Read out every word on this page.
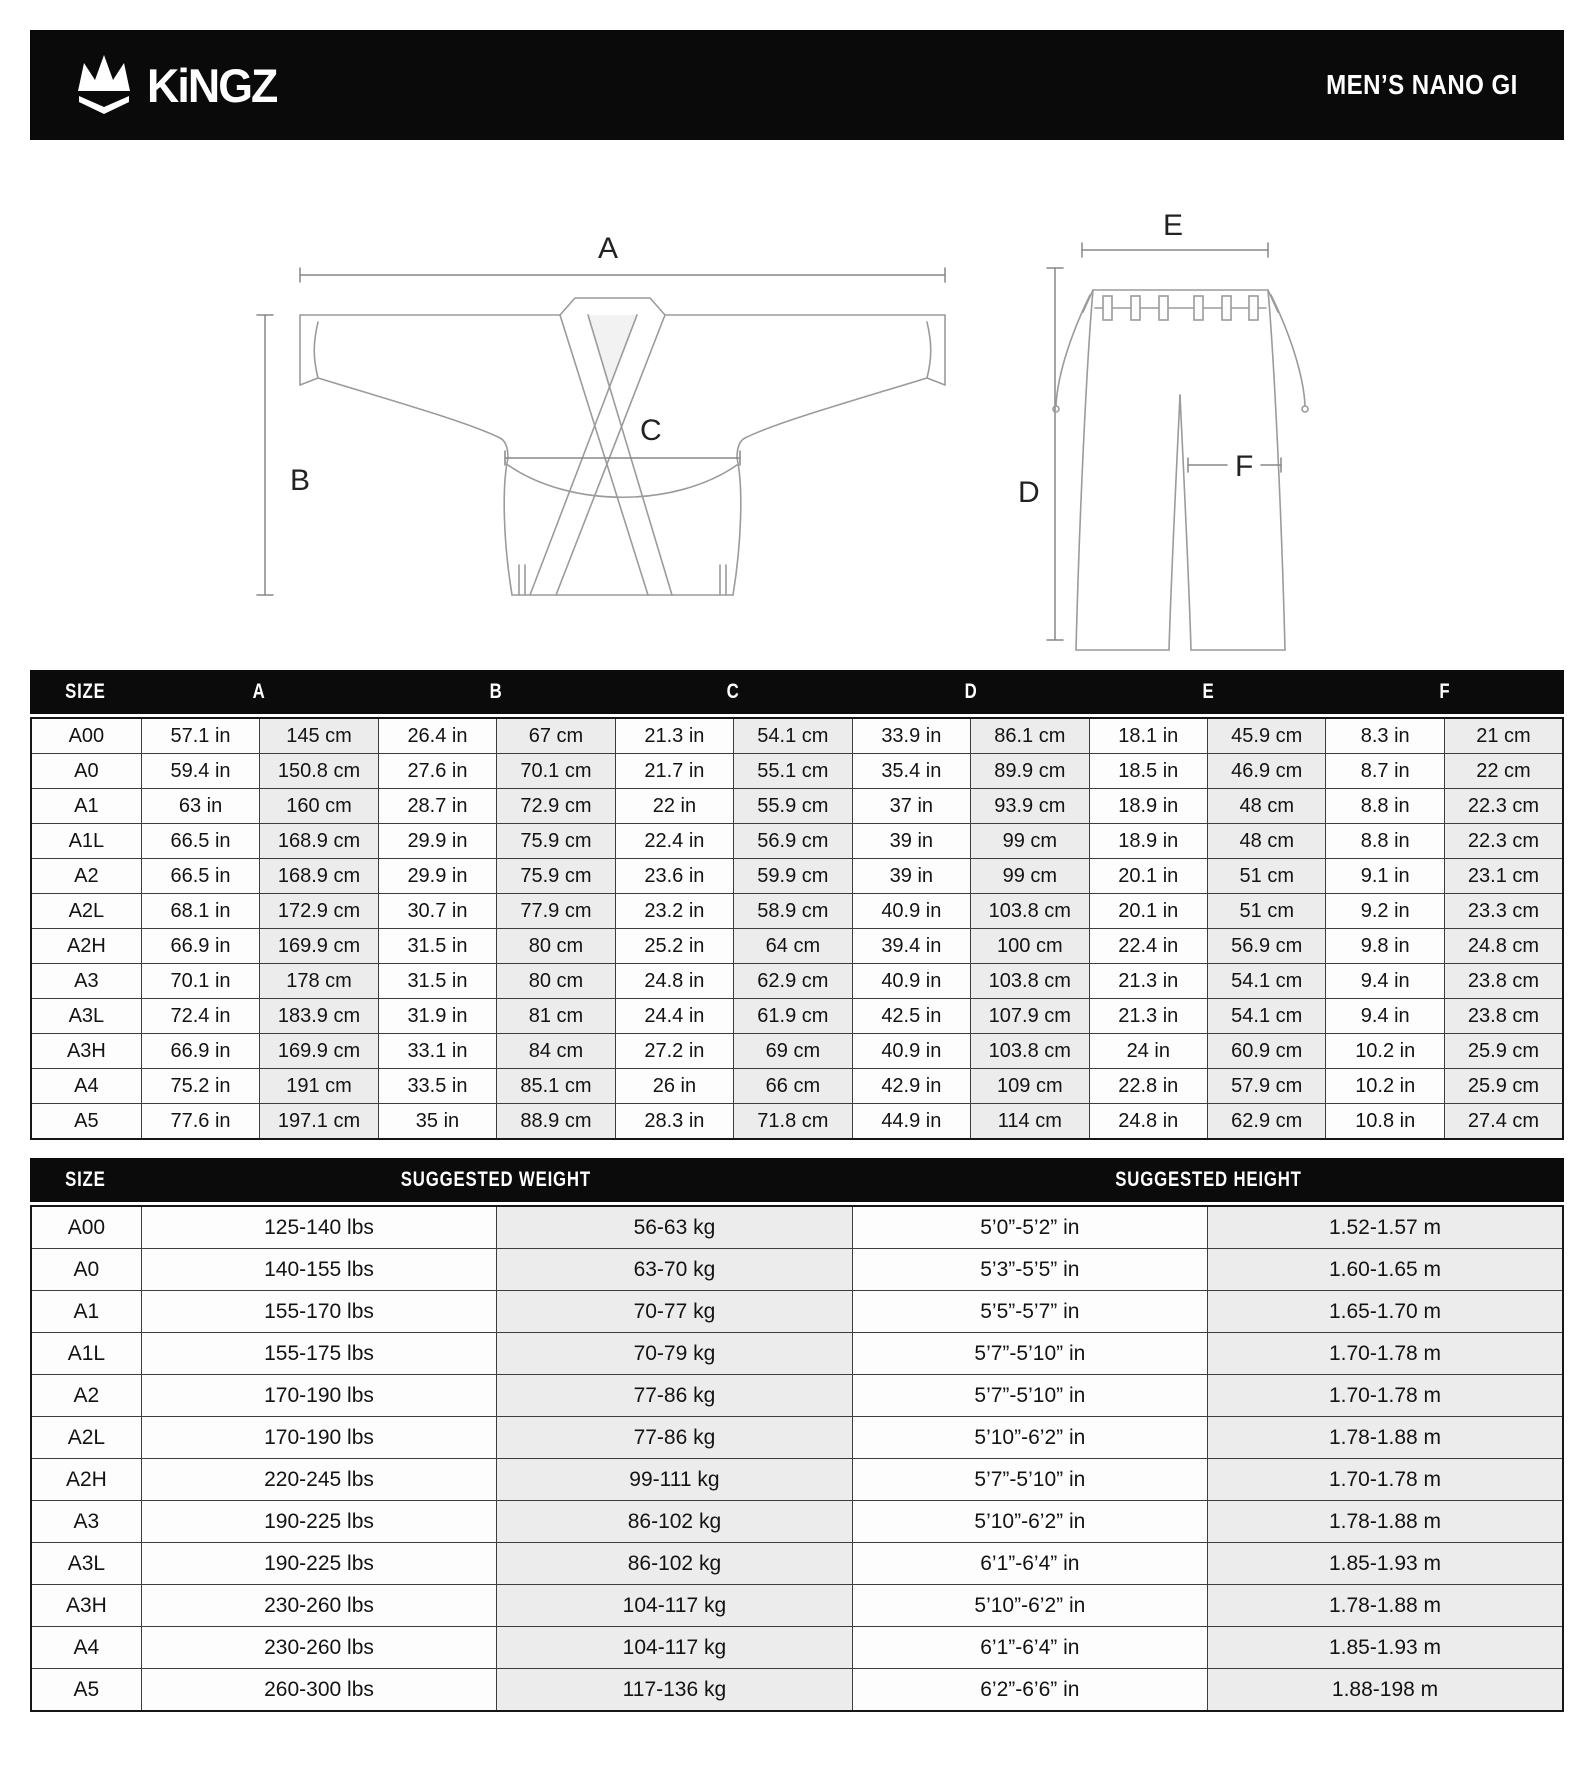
KiNGZ	MEN’S NANO GI
A
B
C
E
D
F
SIZE	A	B	C	D	E	F
A00	57.1 in	145 cm	26.4 in	67 cm	21.3 in	54.1 cm	33.9 in	86.1 cm	18.1 in	45.9 cm	8.3 in	21 cm
A0	59.4 in	150.8 cm	27.6 in	70.1 cm	21.7 in	55.1 cm	35.4 in	89.9 cm	18.5 in	46.9 cm	8.7 in	22 cm
A1	63 in	160 cm	28.7 in	72.9 cm	22 in	55.9 cm	37 in	93.9 cm	18.9 in	48 cm	8.8 in	22.3 cm
A1L	66.5 in	168.9 cm	29.9 in	75.9 cm	22.4 in	56.9 cm	39 in	99 cm	18.9 in	48 cm	8.8 in	22.3 cm
A2	66.5 in	168.9 cm	29.9 in	75.9 cm	23.6 in	59.9 cm	39 in	99 cm	20.1 in	51 cm	9.1 in	23.1 cm
A2L	68.1 in	172.9 cm	30.7 in	77.9 cm	23.2 in	58.9 cm	40.9 in	103.8 cm	20.1 in	51 cm	9.2 in	23.3 cm
A2H	66.9 in	169.9 cm	31.5 in	80 cm	25.2 in	64 cm	39.4 in	100 cm	22.4 in	56.9 cm	9.8 in	24.8 cm
A3	70.1 in	178 cm	31.5 in	80 cm	24.8 in	62.9 cm	40.9 in	103.8 cm	21.3 in	54.1 cm	9.4 in	23.8 cm
A3L	72.4 in	183.9 cm	31.9 in	81 cm	24.4 in	61.9 cm	42.5 in	107.9 cm	21.3 in	54.1 cm	9.4 in	23.8 cm
A3H	66.9 in	169.9 cm	33.1 in	84 cm	27.2 in	69 cm	40.9 in	103.8 cm	24 in	60.9 cm	10.2 in	25.9 cm
A4	75.2 in	191 cm	33.5 in	85.1 cm	26 in	66 cm	42.9 in	109 cm	22.8 in	57.9 cm	10.2 in	25.9 cm
A5	77.6 in	197.1 cm	35 in	88.9 cm	28.3 in	71.8 cm	44.9 in	114 cm	24.8 in	62.9 cm	10.8 in	27.4 cm
SIZE	SUGGESTED WEIGHT	SUGGESTED HEIGHT
A00	125-140 lbs	56-63 kg	5’0”-5’2” in	1.52-1.57 m
A0	140-155 lbs	63-70 kg	5’3”-5’5” in	1.60-1.65 m
A1	155-170 lbs	70-77 kg	5’5”-5’7” in	1.65-1.70 m
A1L	155-175 lbs	70-79 kg	5’7”-5’10” in	1.70-1.78 m
A2	170-190 lbs	77-86 kg	5’7”-5’10” in	1.70-1.78 m
A2L	170-190 lbs	77-86 kg	5’10”-6’2” in	1.78-1.88 m
A2H	220-245 lbs	99-111 kg	5’7”-5’10” in	1.70-1.78 m
A3	190-225 lbs	86-102 kg	5’10”-6’2” in	1.78-1.88 m
A3L	190-225 lbs	86-102 kg	6’1”-6’4” in	1.85-1.93 m
A3H	230-260 lbs	104-117 kg	5’10”-6’2” in	1.78-1.88 m
A4	230-260 lbs	104-117 kg	6’1”-6’4” in	1.85-1.93 m
A5	260-300 lbs	117-136 kg	6’2”-6’6” in	1.88-198 m
